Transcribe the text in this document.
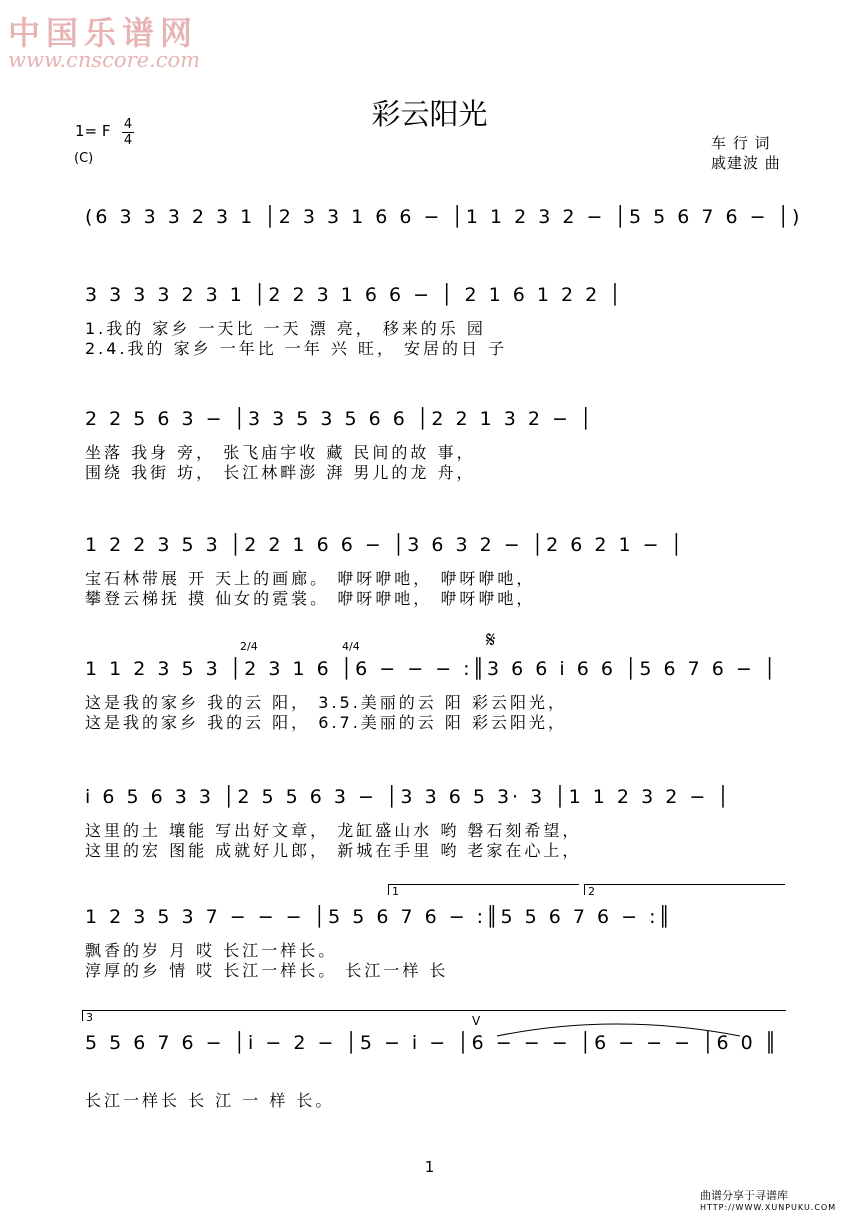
中国乐谱网
www.cnscore.com
彩云阳光
1= F 4
4
(C)
车 行 词
戚建波 曲
(6 3 3 3 2 3 1 │2 3 3 1 6 6 − │1 1 2 3 2 − │5 5 6 7 6 − │)
3 3 3 3 2 3 1 │2 2 3 1 6 6 − │ 2 1 6 1 2 2 │
1.我的 家乡 一天比 一天 漂 亮， 移来的乐 园
2.4.我的 家乡 一年比 一年 兴 旺， 安居的日 子
2 2 5 6 3 − │3 3 5 3 5 6 6 │2 2 1 3 2 − │
坐落 我身 旁， 张飞庙宇收 藏 民间的故 事，
围绕 我街 坊， 长江林畔澎 湃 男儿的龙 舟，
1 2 2 3 5 3 │2 2 1 6 6 − │3 6 3 2 − │2 6 2 1 − │
宝石林带展 开 天上的画廊。 咿呀咿吔， 咿呀咿吔，
攀登云梯抚 摸 仙女的霓裳。 咿呀咿吔， 咿呀咿吔，
2/4	4/4	𝄋
1 1 2 3 5 3 │2 3 1 6 │6 − − − :║3 6 6 i 6 6 │5 6 7 6 − │
这是我的家乡 我的云 阳， 3.5.美丽的云 阳 彩云阳光，
这是我的家乡 我的云 阳， 6.7.美丽的云 阳 彩云阳光，
i 6 5 6 3 3 │2 5 5 6 3 − │3 3 6 5 3· 3 │1 1 2 3 2 − │
这里的土 壤能 写出好文章， 龙缸盛山水 哟 磐石刻希望，
这里的宏 图能 成就好儿郎， 新城在手里 哟 老家在心上，
1	2
1 2 3 5 3 7 − − − │5 5 6 7 6 − :║5 5 6 7 6 − :║
飘香的岁 月 哎 长江一样长。
淳厚的乡 情 哎 长江一样长。 长江一样 长
3	V
5 5 6 7 6 − │i − 2 − │5 − i − │6 − − − │6 − − − │6 0 ║
长江一样长 长 江 一 样 长。
1
曲谱分享于寻谱库
HTTP://WWW.XUNPUKU.COM
